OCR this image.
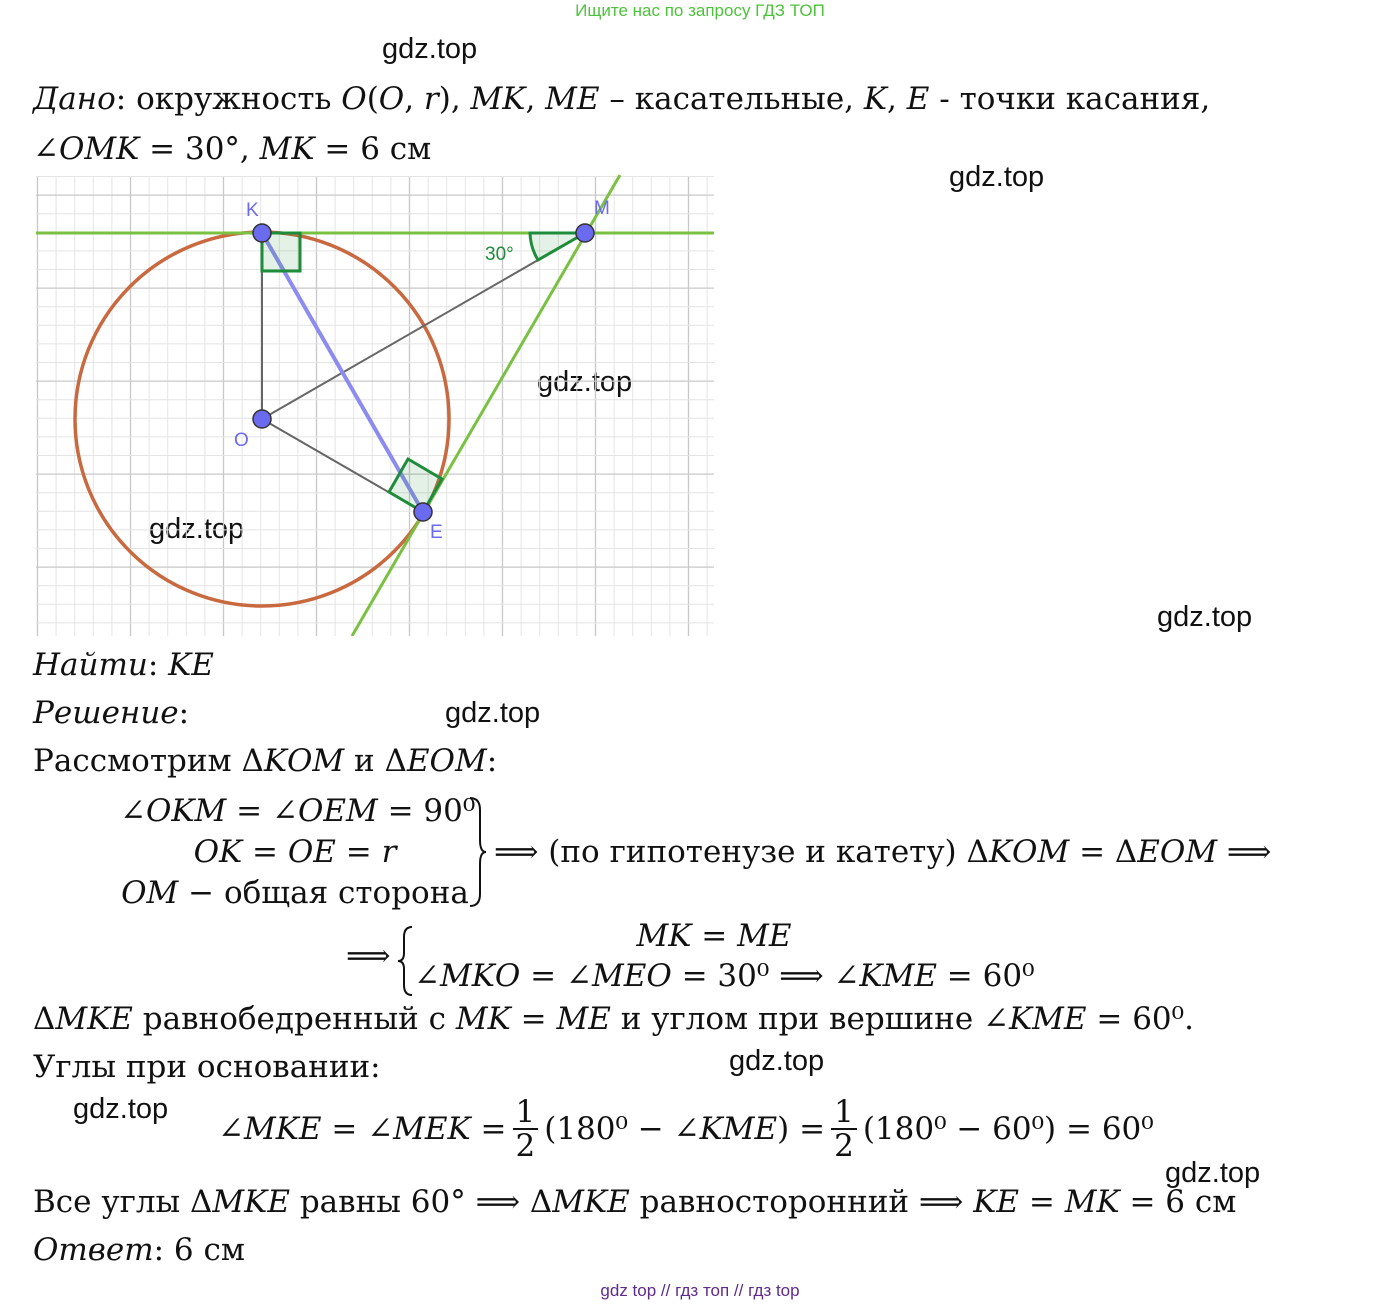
Ищите нас по запросу ГДЗ ТОП
gdz.top
gdz.top
gdz.top
gdz.top
gdz.top
gdz.top
gdz.top
gdz.top
gdz.top
Дано: окружность 𝑂(𝑂, 𝑟), 𝑀𝐾, 𝑀𝐸 – касательные, 𝐾, 𝐸 - точки касания,
∠𝑂𝑀𝐾 = 30°, 𝑀𝐾 = 6 см
30°
K	M
O
E
Найти: 𝐾𝐸
Решение:
Рассмотрим Δ𝐾𝑂𝑀 и Δ𝐸𝑂𝑀:
∠𝑂𝐾𝑀 = ∠𝑂𝐸𝑀 = 90⁰
𝑂𝐾 = 𝑂𝐸 = 𝑟
𝑂𝑀 − общая сторона
⟹ (по гипотенузе и катету) Δ𝐾𝑂𝑀 = Δ𝐸𝑂𝑀 ⟹
⟹
𝑀𝐾 = 𝑀𝐸
∠𝑀𝐾𝑂 = ∠𝑀𝐸𝑂 = 30⁰ ⟹ ∠𝐾𝑀𝐸 = 60⁰
Δ𝑀𝐾𝐸 равнобедренный с 𝑀𝐾 = 𝑀𝐸 и углом при вершине ∠𝐾𝑀𝐸 = 60⁰.
Углы при основании:
∠𝑀𝐾𝐸 = ∠𝑀𝐸𝐾 = $\frac{1}{2} (180^0$ − ∠𝐾𝑀𝐸) = $\frac{1}{2} (180^0 - 60^0) = 60^0$
Все углы Δ𝑀𝐾𝐸 равны 60° ⟹ Δ𝑀𝐾𝐸 равносторонний ⟹ 𝐾𝐸 = 𝑀𝐾 = 6 см
Ответ: 6 см
gdz top // гдз топ // гдз top
